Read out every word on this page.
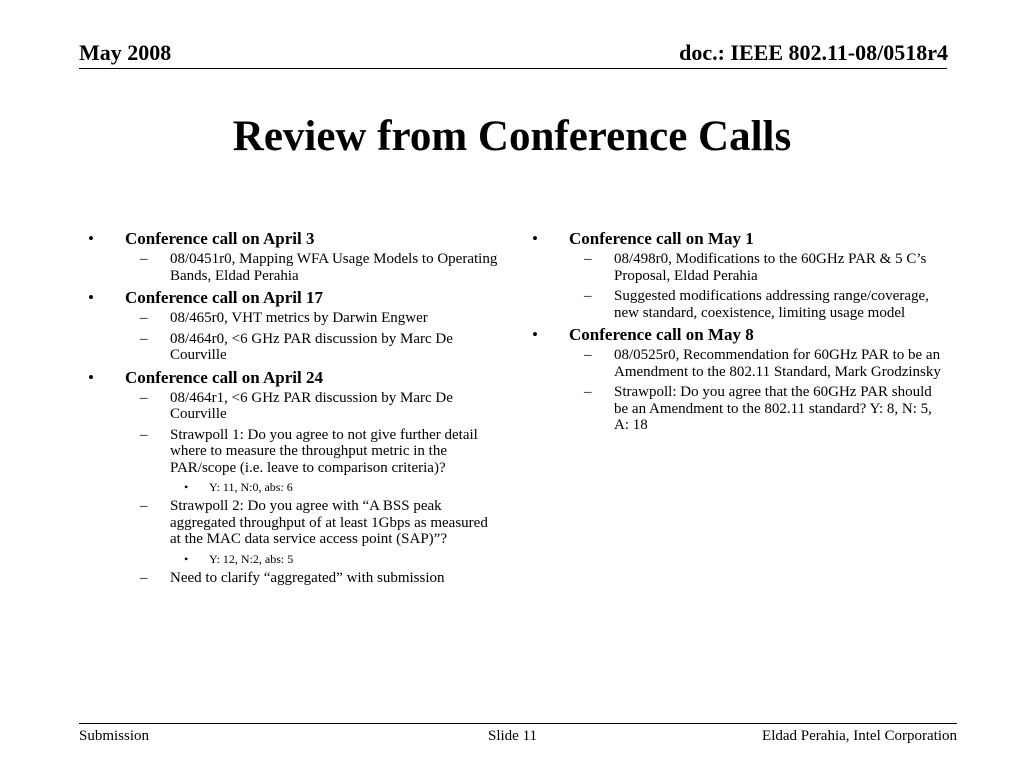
May 2008	doc.: IEEE 802.11-08/0518r4
Review from Conference Calls
• Conference call on April 3
– 08/0451r0, Mapping WFA Usage Models to Operating Bands, Eldad Perahia
• Conference call on April 17
– 08/465r0, VHT metrics by Darwin Engwer
– 08/464r0, <6 GHz PAR discussion by Marc De Courville
• Conference call on April 24
– 08/464r1, <6 GHz PAR discussion by Marc De Courville
– Strawpoll 1: Do you agree to not give further detail where to measure the throughput metric in the PAR/scope (i.e. leave to comparison criteria)?
• Y: 11, N:0, abs: 6
– Strawpoll 2: Do you agree with “A BSS peak aggregated throughput of at least 1Gbps as measured at the MAC data service access point (SAP)”?
• Y: 12, N:2, abs: 5
– Need to clarify “aggregated” with submission
• Conference call on May 1
– 08/498r0, Modifications to the 60GHz PAR & 5 C’s Proposal, Eldad Perahia
– Suggested modifications addressing range/coverage, new standard, coexistence, limiting usage model
• Conference call on May 8
– 08/0525r0, Recommendation for 60GHz PAR to be an Amendment to the 802.11 Standard, Mark Grodzinsky
– Strawpoll: Do you agree that the 60GHz PAR should be an Amendment to the 802.11 standard? Y: 8, N: 5, A: 18
Submission	Slide 11	Eldad Perahia, Intel Corporation
